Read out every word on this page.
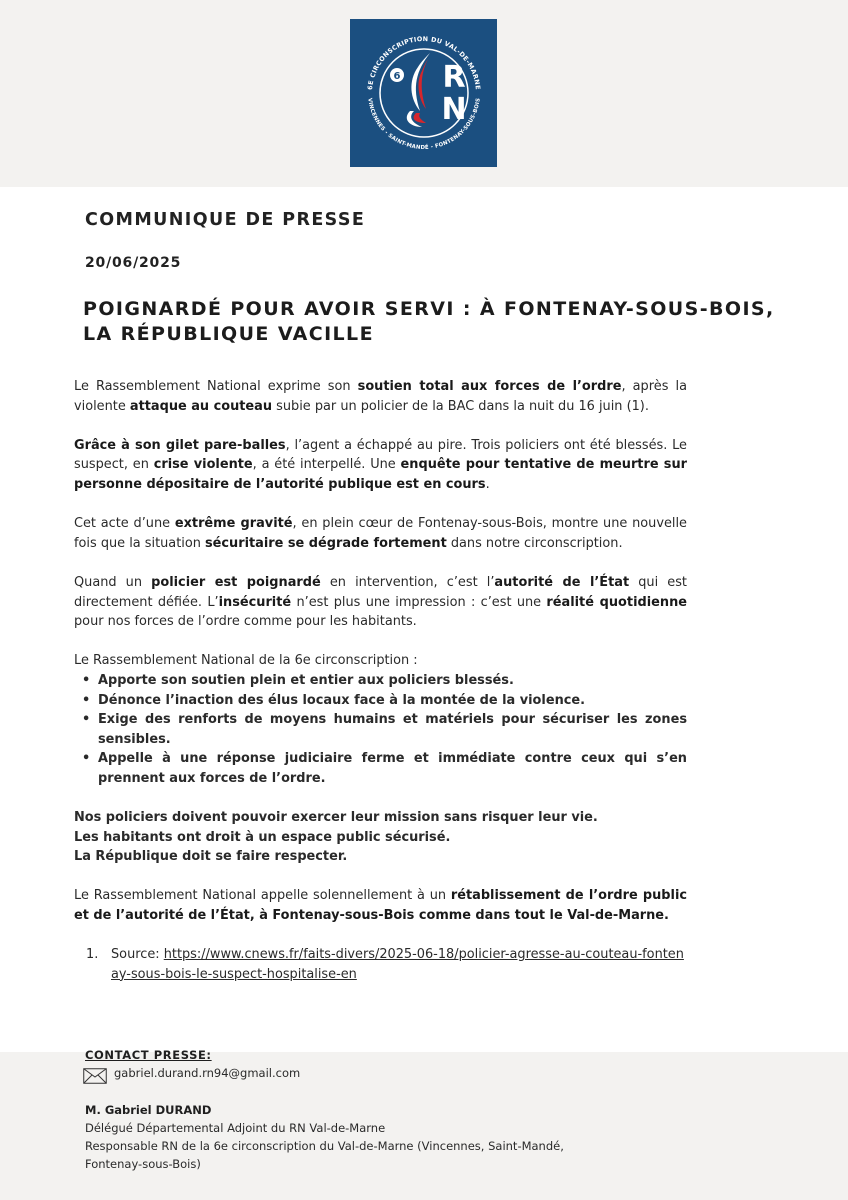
6E CIRCONSCRIPTION DU VAL-DE-MARNE
VINCENNES - SAINT-MANDÉ - FONTENAY-SOUS-BOIS
6 R
N
COMMUNIQUE DE PRESSE
20/06/2025
POIGNARDÉ POUR AVOIR SERVI : À FONTENAY-SOUS-BOIS,
LA RÉPUBLIQUE VACILLE

Le Rassemblement National exprime son soutien total aux forces de l’ordre, après la violente attaque au couteau subie par un policier de la BAC dans la nuit du 16 juin (1).

Grâce à son gilet pare-balles, l’agent a échappé au pire. Trois policiers ont été blessés. Le suspect, en crise violente, a été interpellé. Une enquête pour tentative de meurtre sur personne dépositaire de l’autorité publique est en cours.

Cet acte d’une extrême gravité, en plein cœur de Fontenay-sous-Bois, montre une nouvelle fois que la situation sécuritaire se dégrade fortement dans notre circonscription.

Quand un policier est poignardé en intervention, c’est l’autorité de l’État qui est directement défiée. L’insécurité n’est plus une impression : c’est une réalité quotidienne pour nos forces de l’ordre comme pour les habitants.

Le Rassemblement National de la 6e circonscription :

• Apporte son soutien plein et entier aux policiers blessés.
• Dénonce l’inaction des élus locaux face à la montée de la violence.
• Exige des renforts de moyens humains et matériels pour sécuriser les zones sensibles.
• Appelle à une réponse judiciaire ferme et immédiate contre ceux qui s’en prennent aux forces de l’ordre.

Nos policiers doivent pouvoir exercer leur mission sans risquer leur vie.

Les habitants ont droit à un espace public sécurisé.

La République doit se faire respecter.

Le Rassemblement National appelle solennellement à un rétablissement de l’ordre public et de l’autorité de l’État, à Fontenay-sous-Bois comme dans tout le Val-de-Marne.

1. Source: https://www.cnews.fr/faits-divers/2025-06-18/policier-agresse-au-couteau-fontenay-sous-bois-le-suspect-hospitalise-en
CONTACT PRESSE:
gabriel.durand.rn94@gmail.com
M. Gabriel DURAND
Délégué Départemental Adjoint du RN Val-de-Marne
Responsable RN de la 6e circonscription du Val-de-Marne (Vincennes, Saint-Mandé,
Fontenay-sous-Bois)
